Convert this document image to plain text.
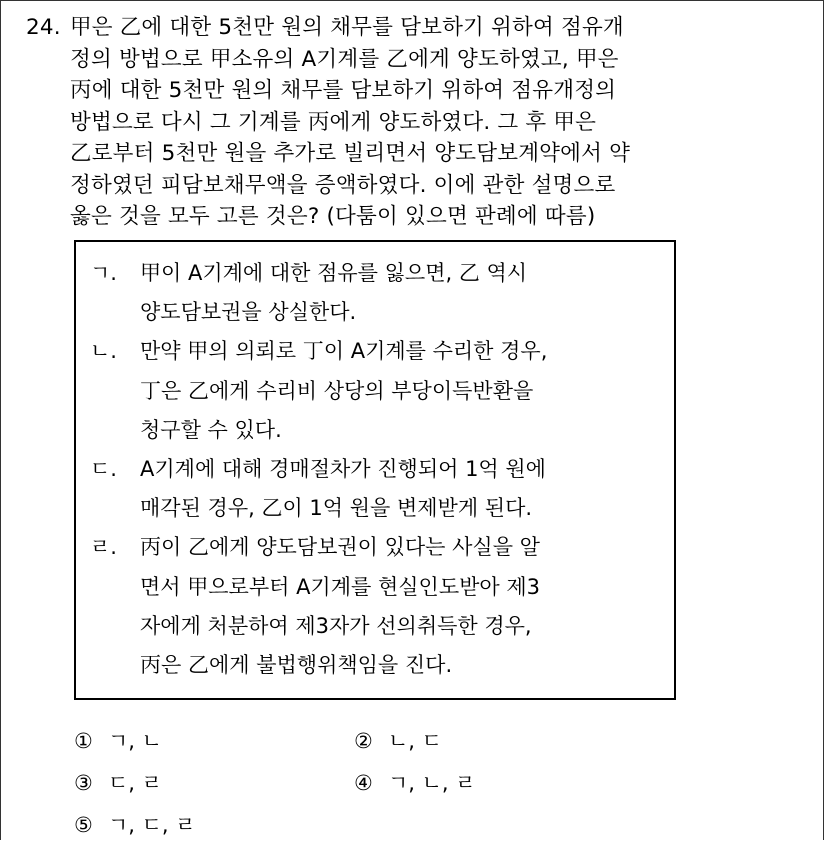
24. 甲은 乙에 대한 5천만 원의 채무를 담보하기 위하여 점유개
정의 방법으로 甲소유의 A기계를 乙에게 양도하였고, 甲은
丙에 대한 5천만 원의 채무를 담보하기 위하여 점유개정의
방법으로 다시 그 기계를 丙에게 양도하였다. 그 후 甲은
乙로부터 5천만 원을 추가로 빌리면서 양도담보계약에서 약
정하였던 피담보채무액을 증액하였다. 이에 관한 설명으로
옳은 것을 모두 고른 것은? (다툼이 있으면 판례에 따름)
ㄱ. 甲이 A기계에 대한 점유를 잃으면, 乙 역시
양도담보권을 상실한다.
ㄴ. 만약 甲의 의뢰로 丁이 A기계를 수리한 경우,
丁은 乙에게 수리비 상당의 부당이득반환을
청구할 수 있다.
ㄷ. A기계에 대해 경매절차가 진행되어 1억 원에
매각된 경우, 乙이 1억 원을 변제받게 된다.
ㄹ. 丙이 乙에게 양도담보권이 있다는 사실을 알
면서 甲으로부터 A기계를 현실인도받아 제3
자에게 처분하여 제3자가 선의취득한 경우,
丙은 乙에게 불법행위책임을 진다.
① ㄱ, ㄴ	② ㄴ, ㄷ
③ ㄷ, ㄹ	④ ㄱ, ㄴ, ㄹ
⑤ ㄱ, ㄷ, ㄹ
